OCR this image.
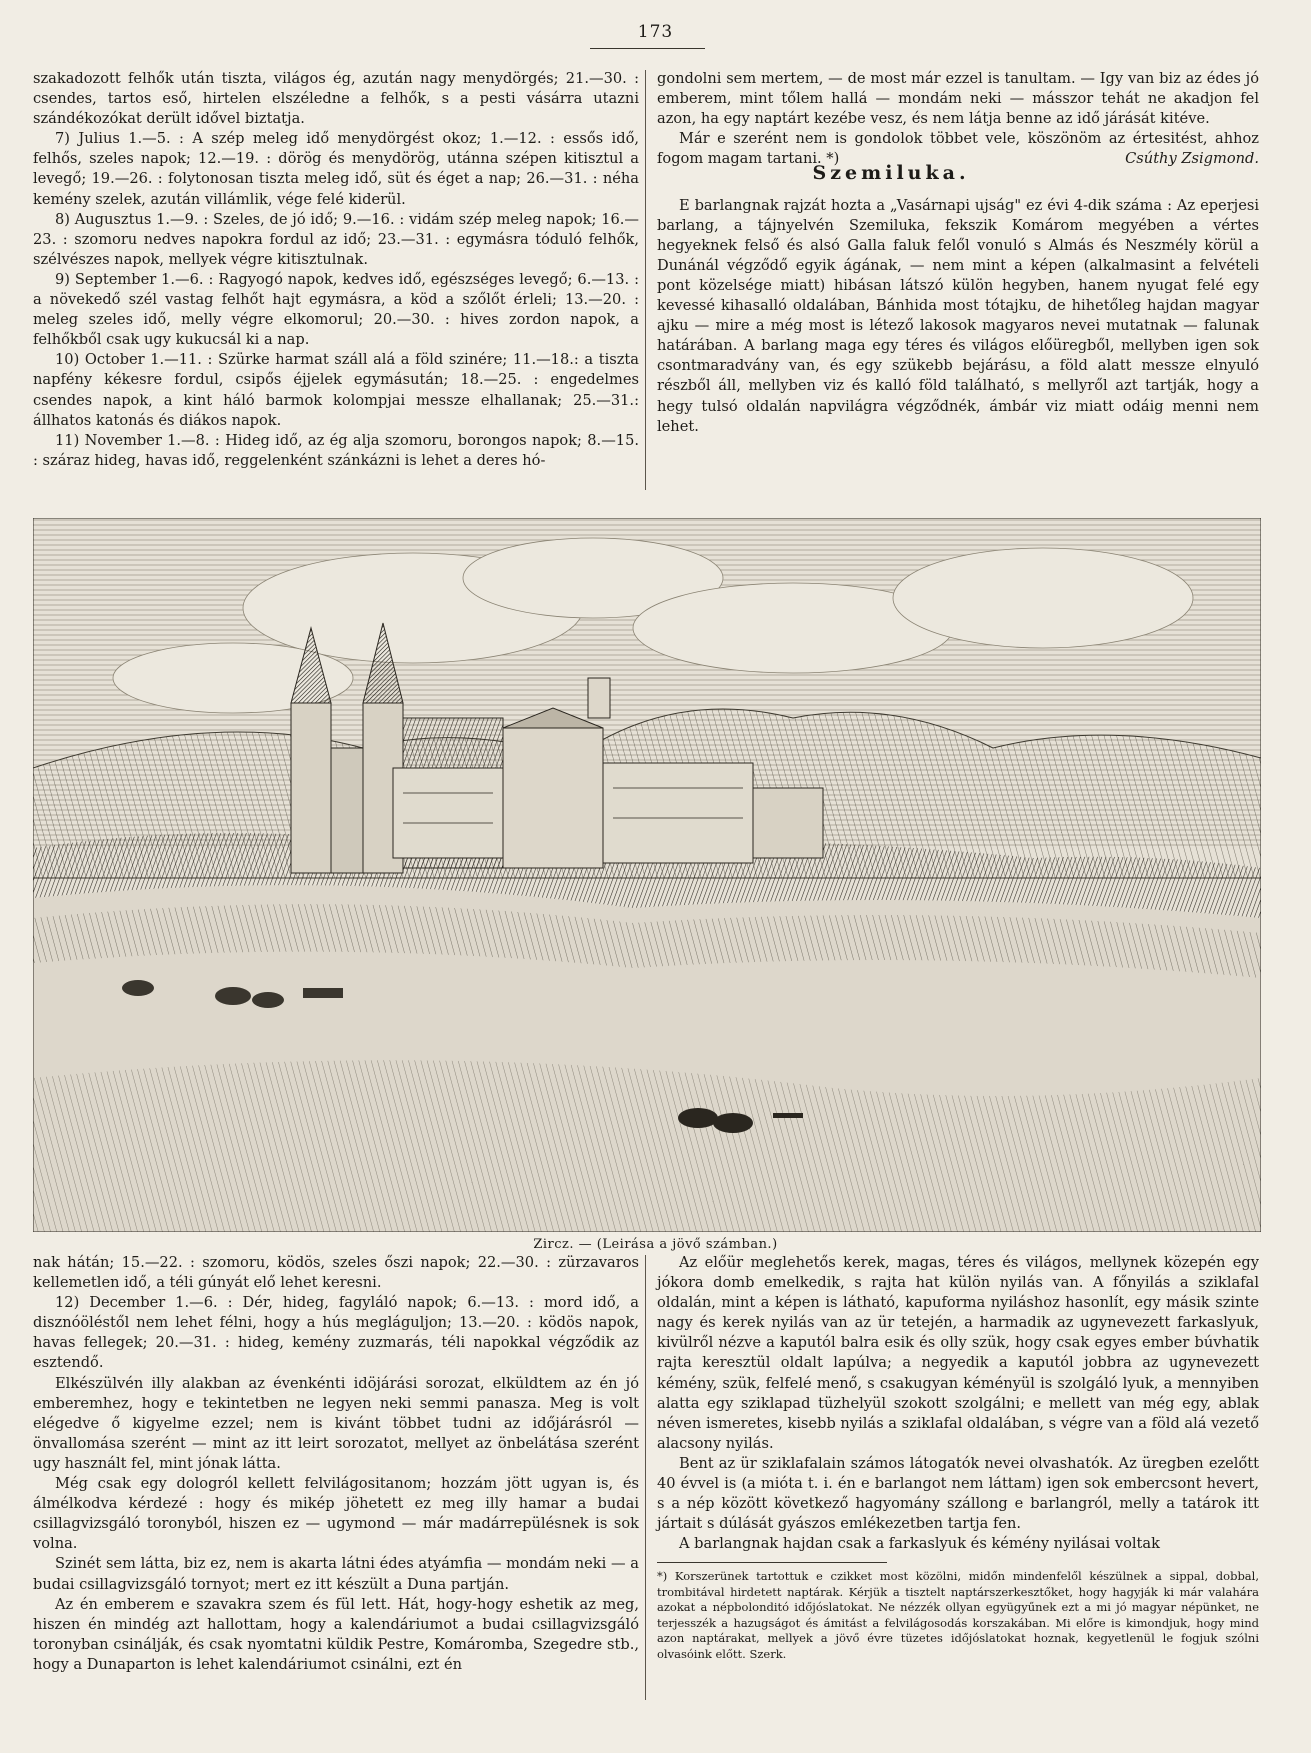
173

szakadozott felhők után tiszta, világos ég, azután nagy menydörgés; 21.—30. : csendes, tartos eső, hirtelen elszéledne a felhők, s a pesti vásárra utazni szándékozókat derült idővel biztatja.

7) Julius 1.—5. : A szép meleg idő menydörgést okoz; 1.—12. : essős idő, felhős, szeles napok; 12.—19. : dörög és menydörög, utánna szépen kitisztul a levegő; 19.—26. : folytonosan tiszta meleg idő, süt és éget a nap; 26.—31. : néha kemény szelek, azután villámlik, vége felé kiderül.

8) Augusztus 1.—9. : Szeles, de jó idő; 9.—16. : vidám szép meleg napok; 16.—23. : szomoru nedves napokra fordul az idő; 23.—31. : egymásra tóduló felhők, szélvészes napok, mellyek végre kitisztulnak.

9) September 1.—6. : Ragyogó napok, kedves idő, egészséges levegő; 6.—13. : a növekedő szél vastag felhőt hajt egymásra, a köd a szőlőt érleli; 13.—20. : meleg szeles idő, melly végre elkomorul; 20.—30. : hives zordon napok, a felhőkből csak ugy kukucsál ki a nap.

10) October 1.—11. : Szürke harmat száll alá a föld szinére; 11.—18.: a tiszta napfény kékesre fordul, csipős éjjelek egymásután; 18.—25. : engedelmes csendes napok, a kint háló barmok kolompjai messze elhallanak; 25.—31.: állhatos katonás és diákos napok.

11) November 1.—8. : Hideg idő, az ég alja szomoru, borongos napok; 8.—15. : száraz hideg, havas idő, reggelenként szánkázni is lehet a deres hó-

gondolni sem mertem, — de most már ezzel is tanultam. — Igy van biz az édes jó emberem, mint tőlem hallá — mondám neki — másszor tehát ne akadjon fel azon, ha egy naptárt kezébe vesz, és nem látja benne az idő járását kitéve.

Már e szerént nem is gondolok többet vele, köszönöm az értesitést, ahhoz fogom magam tartani. *)	Csúthy Zsigmond.

Szemiluka.

E barlangnak rajzát hozta a „Vasárnapi ujság" ez évi 4-dik száma : Az eperjesi barlang, a tájnyelvén Szemiluka, fekszik Komárom megyében a vértes hegyeknek felső és alsó Galla faluk felől vonuló s Almás és Neszmély körül a Dunánál végződő egyik ágának, — nem mint a képen (alkalmasint a felvételi pont közelsége miatt) hibásan látszó külön hegyben, hanem nyugat felé egy kevessé kihasalló oldalában, Bánhida most tótajku, de hihetőleg hajdan magyar ajku — mire a még most is létező lakosok magyaros nevei mutatnak — falunak határában. A barlang maga egy téres és világos előüregből, mellyben igen sok csontmaradvány van, és egy szükebb bejárásu, a föld alatt messze elnyuló részből áll, mellyben viz és kalló föld található, s mellyről azt tartják, hogy a hegy tulsó oldalán napvilágra végződnék, ámbár viz miatt odáig menni nem lehet.

Zircz. — (Leirása a jövő számban.)

nak hátán; 15.—22. : szomoru, ködös, szeles őszi napok; 22.—30. : zürzavaros kellemetlen idő, a téli gúnyát elő lehet keresni.

12) December 1.—6. : Dér, hideg, fagyláló napok; 6.—13. : mord idő, a disznóöléstől nem lehet félni, hogy a hús megláguljon; 13.—20. : ködös napok, havas fellegek; 20.—31. : hideg, kemény zuzmarás, téli napokkal végződik az esztendő.

Elkészülvén illy alakban az évenkénti idöjárási sorozat, elküldtem az én jó emberemhez, hogy e tekintetben ne legyen neki semmi panasza. Meg is volt elégedve ő kigyelme ezzel; nem is kivánt többet tudni az időjárásról — önvallomása szerént — mint az itt leirt sorozatot, mellyet az önbelátása szerént ugy használt fel, mint jónak látta.

Még csak egy dologról kellett felvilágositanom; hozzám jött ugyan is, és álmélkodva kérdezé : hogy és mikép jöhetett ez meg illy hamar a budai csillagvizsgáló toronyból, hiszen ez — ugymond — már madárrepülésnek is sok volna.

Szinét sem látta, biz ez, nem is akarta látni édes atyámfia — mondám neki — a budai csillagvizsgáló tornyot; mert ez itt készült a Duna partján.

Az én emberem e szavakra szem és fül lett. Hát, hogy-hogy eshetik az meg, hiszen én mindég azt hallottam, hogy a kalendáriumot a budai csillagvizsgáló toronyban csinálják, és csak nyomtatni küldik Pestre, Komáromba, Szegedre stb., hogy a Dunaparton is lehet kalendáriumot csinálni, ezt én

Az előür meglehetős kerek, magas, téres és világos, mellynek közepén egy jókora domb emelkedik, s rajta hat külön nyilás van. A főnyilás a sziklafal oldalán, mint a képen is látható, kapuforma nyiláshoz hasonlít, egy másik szinte nagy és kerek nyilás van az ür tetején, a harmadik az ugynevezett farkaslyuk, kivülről nézve a kaputól balra esik és olly szük, hogy csak egyes ember búvhatik rajta keresztül oldalt lapúlva; a negyedik a kaputól jobbra az ugynevezett kémény, szük, felfelé menő, s csakugyan kéményül is szolgáló lyuk, a mennyiben alatta egy sziklapad tüzhelyül szokott szolgálni; e mellett van még egy, ablak néven ismeretes, kisebb nyilás a sziklafal oldalában, s végre van a föld alá vezető alacsony nyilás.

Bent az ür sziklafalain számos látogatók nevei olvashatók. Az üregben ezelőtt 40 évvel is (a mióta t. i. én e barlangot nem láttam) igen sok embercsont hevert, s a nép között következő hagyomány szállong e barlangról, melly a tatárok itt jártait s dúlását gyászos emlékezetben tartja fen.

A barlangnak hajdan csak a farkaslyuk és kémény nyilásai voltak

*) Korszerünek tartottuk e czikket most közölni, midőn mindenfelől készülnek a sippal, dobbal, trombitával hirdetett naptárak. Kérjük a tisztelt naptárszerkesztőket, hogy hagyják ki már valahára azokat a népbolonditó időjóslatokat. Ne nézzék ollyan együgyűnek ezt a mi jó magyar népünket, ne terjesszék a hazugságot és ámitást a felvilágosodás korszakában. Mi előre is kimondjuk, hogy mind azon naptárakat, mellyek a jövő évre tüzetes időjóslatokat hoznak, kegyetlenül le fogjuk szólni olvasóink előtt. Szerk.
